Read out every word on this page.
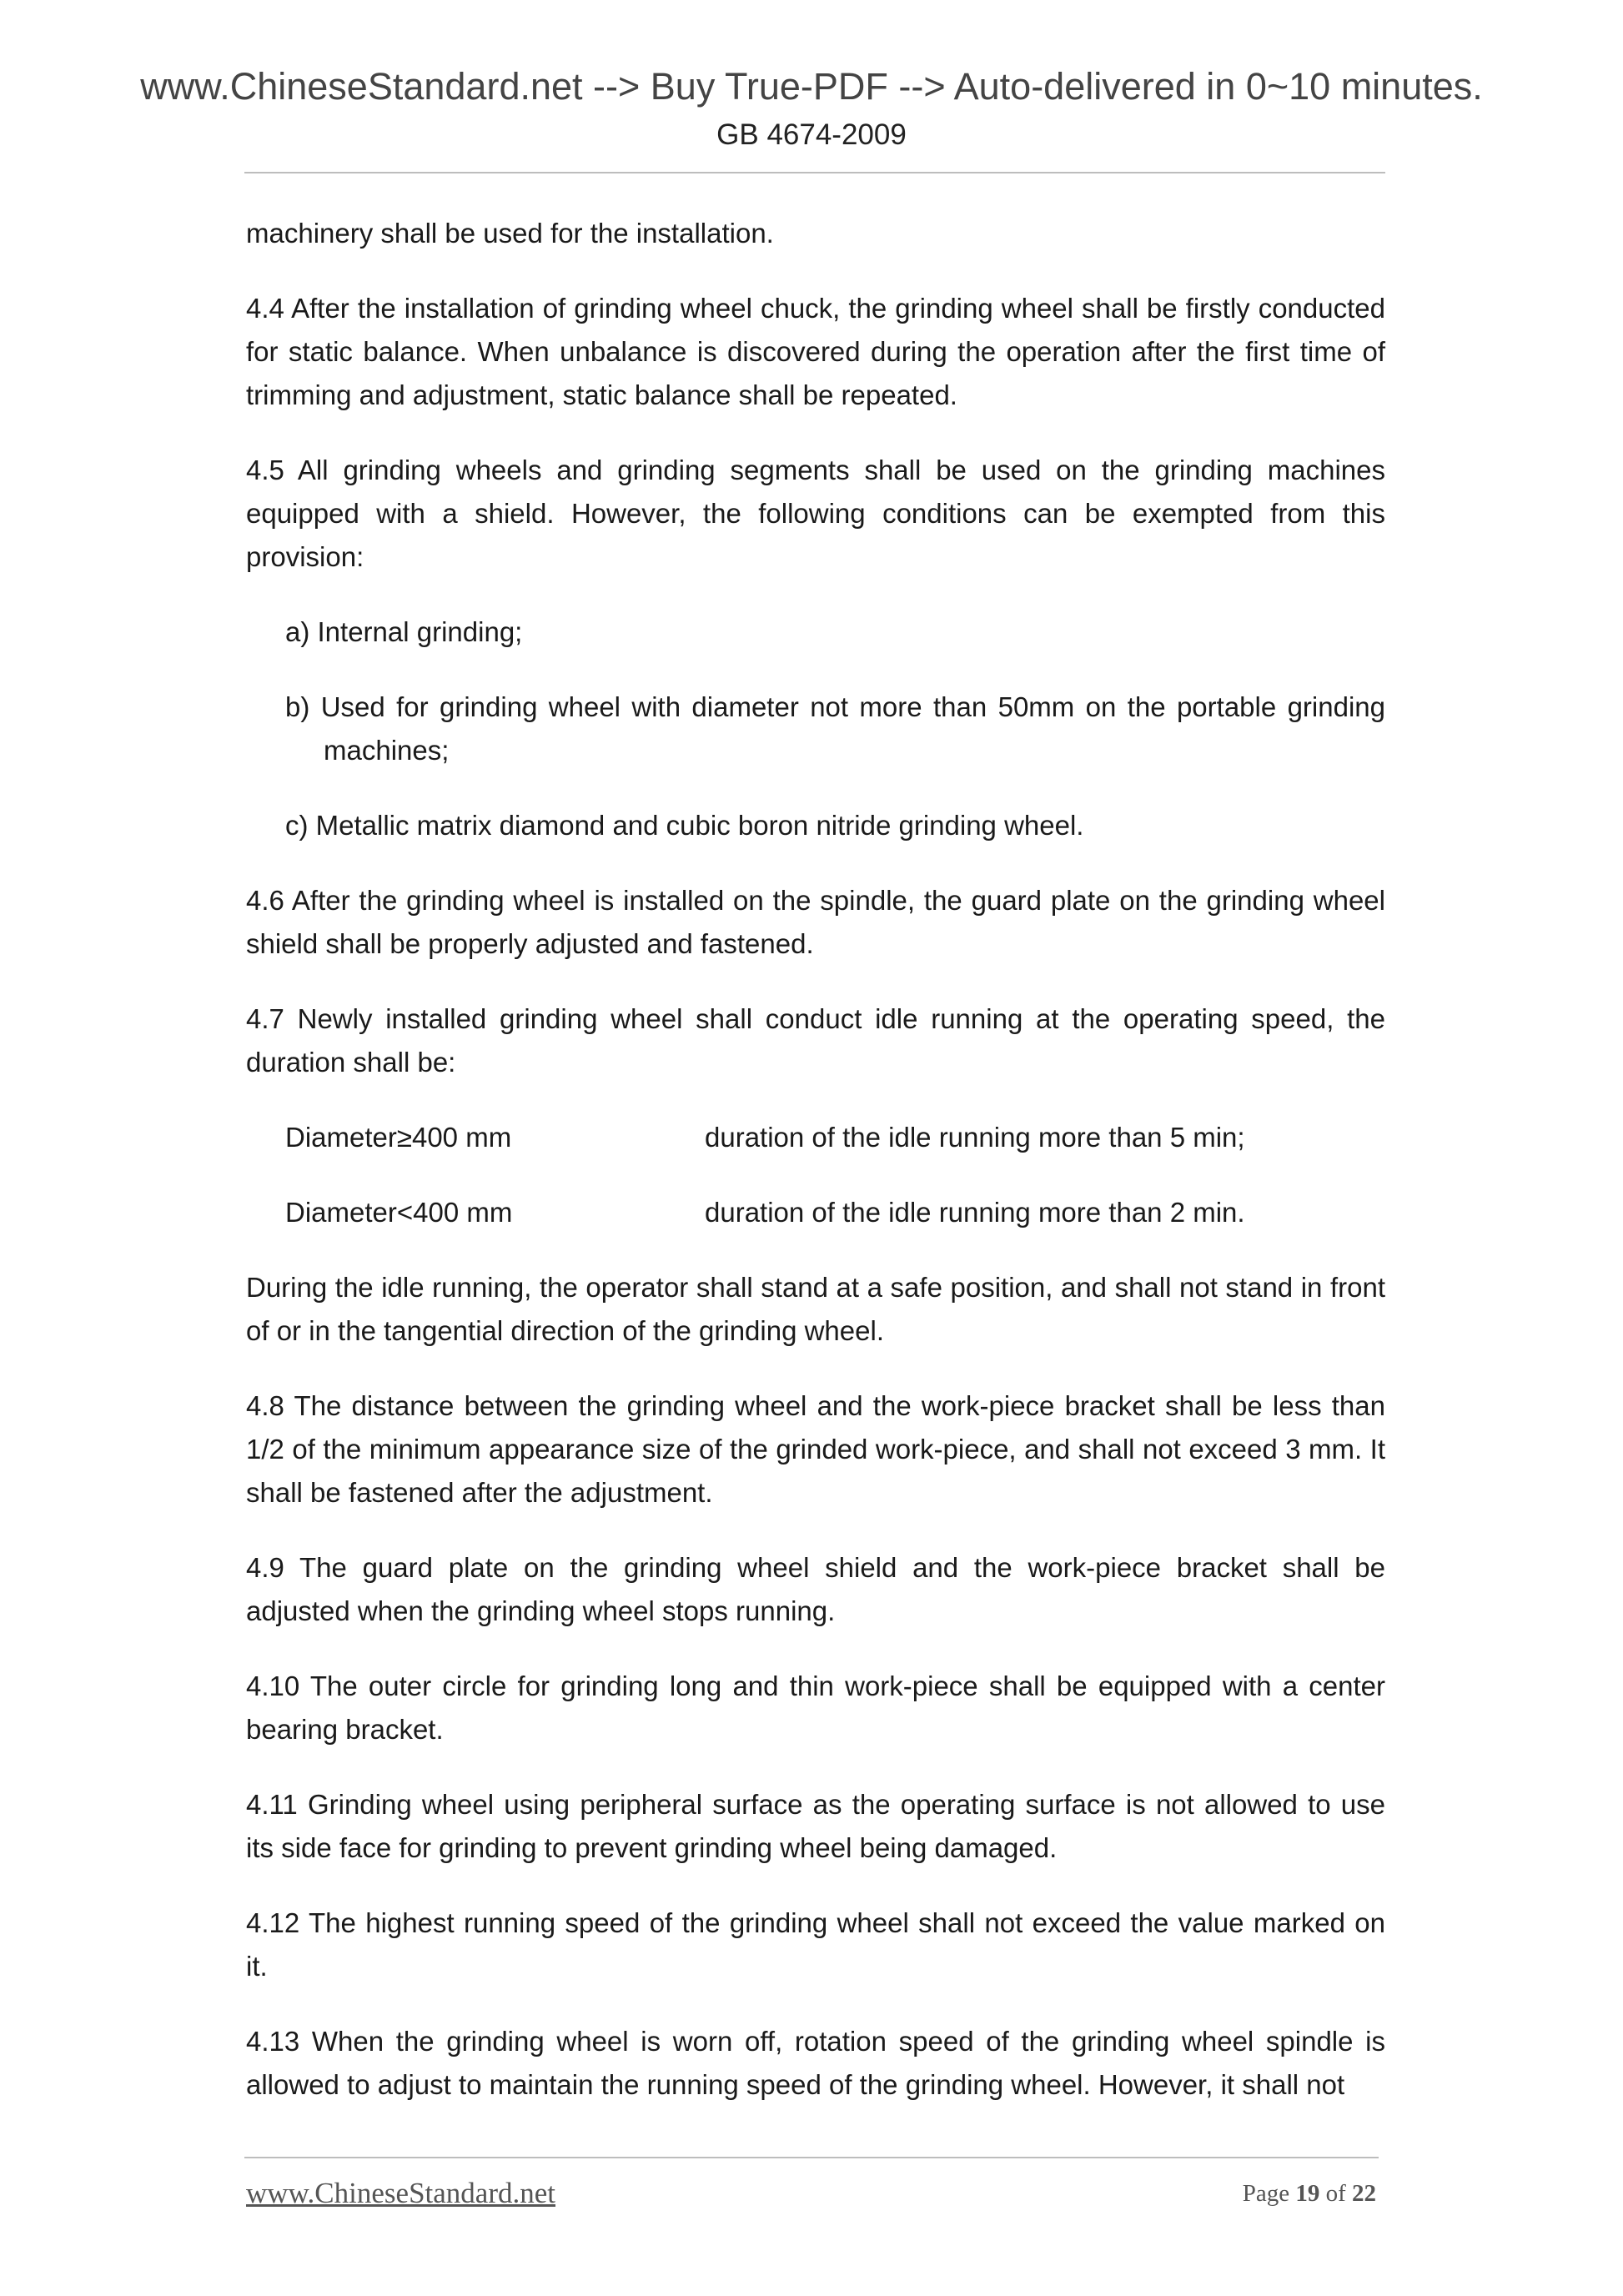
www.ChineseStandard.net --> Buy True-PDF --> Auto-delivered in 0~10 minutes.
GB 4674-2009

machinery shall be used for the installation.

4.4 After the installation of grinding wheel chuck, the grinding wheel shall be firstly conducted for static balance. When unbalance is discovered during the operation after the first time of trimming and adjustment, static balance shall be repeated.

4.5 All grinding wheels and grinding segments shall be used on the grinding machines equipped with a shield. However, the following conditions can be exempted from this provision:

a) Internal grinding;

b) Used for grinding wheel with diameter not more than 50mm on the portable grinding machines;

c) Metallic matrix diamond and cubic boron nitride grinding wheel.

4.6 After the grinding wheel is installed on the spindle, the guard plate on the grinding wheel shield shall be properly adjusted and fastened.

4.7 Newly installed grinding wheel shall conduct idle running at the operating speed, the duration shall be:

Diameter≥400 mm	duration of the idle running more than 5 min;
Diameter<400 mm	duration of the idle running more than 2 min.

During the idle running, the operator shall stand at a safe position, and shall not stand in front of or in the tangential direction of the grinding wheel.

4.8 The distance between the grinding wheel and the work-piece bracket shall be less than 1/2 of the minimum appearance size of the grinded work-piece, and shall not exceed 3 mm. It shall be fastened after the adjustment.

4.9 The guard plate on the grinding wheel shield and the work-piece bracket shall be adjusted when the grinding wheel stops running.

4.10 The outer circle for grinding long and thin work-piece shall be equipped with a center bearing bracket.

4.11 Grinding wheel using peripheral surface as the operating surface is not allowed to use its side face for grinding to prevent grinding wheel being damaged.

4.12 The highest running speed of the grinding wheel shall not exceed the value marked on it.

4.13 When the grinding wheel is worn off, rotation speed of the grinding wheel spindle is allowed to adjust to maintain the running speed of the grinding wheel. However, it shall not

www.ChineseStandard.net	Page 19 of 22
